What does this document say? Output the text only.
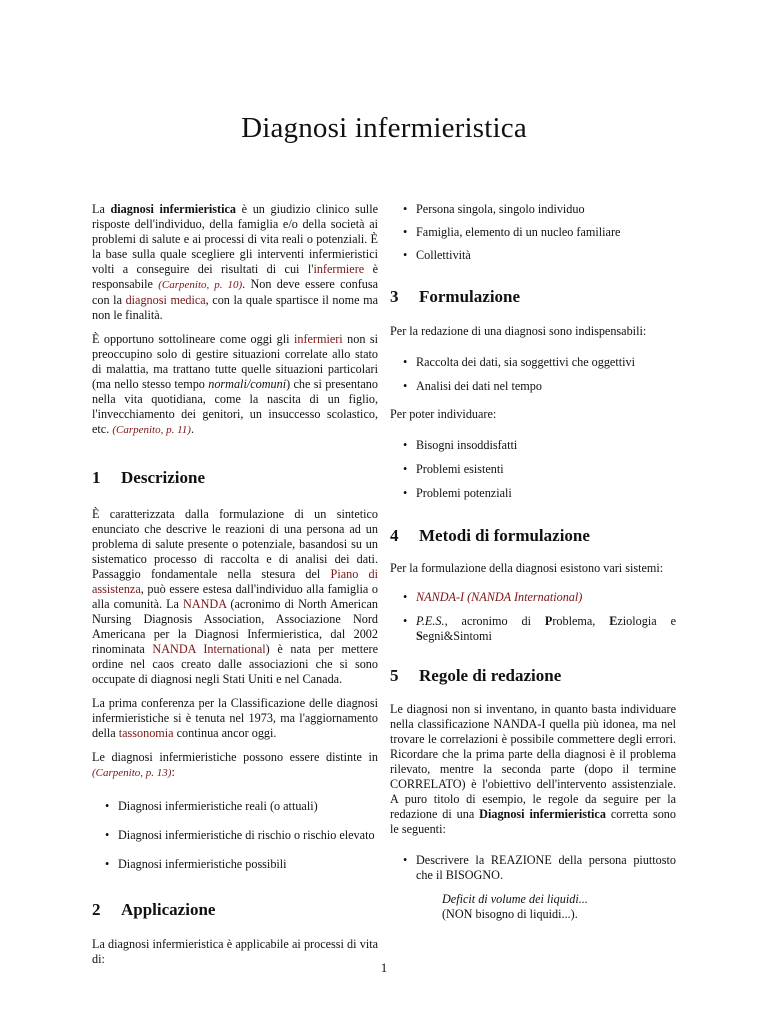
Diagnosi infermieristica

La diagnosi infermieristica è un giudizio clinico sulle risposte dell'individuo, della famiglia e/o della società ai problemi di salute e ai processi di vita reali o potenziali. È la base sulla quale scegliere gli interventi infermieristici volti a conseguire dei risultati di cui l'infermiere è responsabile (Carpenito, p. 10). Non deve essere confusa con la diagnosi medica, con la quale spartisce il nome ma non le finalità.

È opportuno sottolineare come oggi gli infermieri non si preoccupino solo di gestire situazioni correlate allo stato di malattia, ma trattano tutte quelle situazioni particolari (ma nello stesso tempo normali/comuni) che si presentano nella vita quotidiana, come la nascita di un figlio, l'invecchiamento dei genitori, un insuccesso scolastico, etc. (Carpenito, p. 11).

1 Descrizione

È caratterizzata dalla formulazione di un sintetico enunciato che descrive le reazioni di una persona ad un problema di salute presente o potenziale, basandosi su un sistematico processo di raccolta e di analisi dei dati. Passaggio fondamentale nella stesura del Piano di assistenza, può essere estesa dall'individuo alla famiglia o alla comunità. La NANDA (acronimo di North American Nursing Diagnosis Association, Associazione Nord Americana per la Diagnosi Infermieristica, dal 2002 rinominata NANDA International) è nata per mettere ordine nel caos creato dalle associazioni che si sono occupate di diagnosi negli Stati Uniti e nel Canada.

La prima conferenza per la Classificazione delle diagnosi infermieristiche si è tenuta nel 1973, ma l'aggiornamento della tassonomia continua ancor oggi.

Le diagnosi infermieristiche possono essere distinte in (Carpenito, p. 13):

• Diagnosi infermieristiche reali (o attuali)
• Diagnosi infermieristiche di rischio o rischio elevato
• Diagnosi infermieristiche possibili
2 Applicazione

La diagnosi infermieristica è applicabile ai processi di vita di:

• Persona singola, singolo individuo
• Famiglia, elemento di un nucleo familiare
• Collettività
3 Formulazione

Per la redazione di una diagnosi sono indispensabili:

• Raccolta dei dati, sia soggettivi che oggettivi
• Analisi dei dati nel tempo

Per poter individuare:

• Bisogni insoddisfatti
• Problemi esistenti
• Problemi potenziali
4 Metodi di formulazione

Per la formulazione della diagnosi esistono vari sistemi:

• NANDA-I (NANDA International)
• P.E.S., acronimo di Problema, Eziologia e Segni&Sintomi
5 Regole di redazione

Le diagnosi non si inventano, in quanto basta individuare nella classificazione NANDA-I quella più idonea, ma nel trovare le correlazioni è possibile commettere degli errori. Ricordare che la prima parte della diagnosi è il problema rilevato, mentre la seconda parte (dopo il termine CORRELATO) è l'obiettivo dell'intervento assistenziale. A puro titolo di esempio, le regole da seguire per la redazione di una Diagnosi infermieristica corretta sono le seguenti:

• Descrivere la REAZIONE della persona piuttosto che il BISOGNO.
Deficit di volume dei liquidi...
(NON bisogno di liquidi...).
1
